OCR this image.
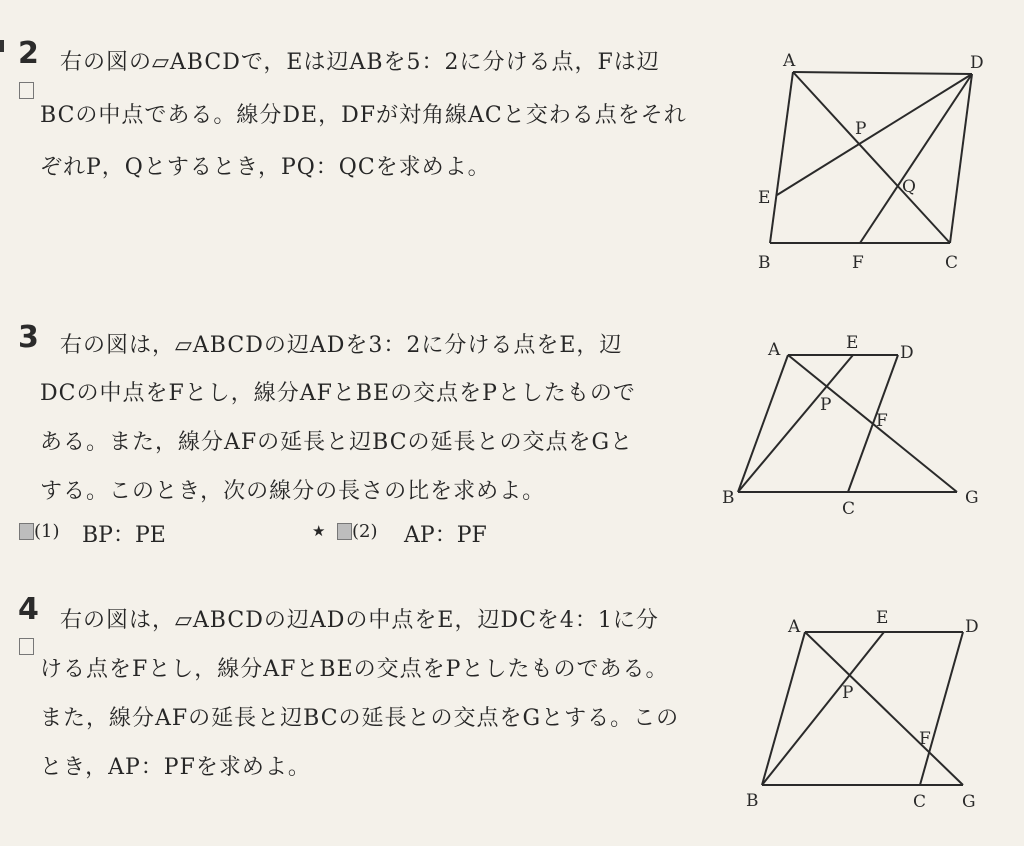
2 右の図の▱ABCDで，Eは辺ABを5：2に分ける点，Fは辺
BCの中点である。線分DE，DFが対角線ACと交わる点をそれ
ぞれP，Qとするとき，PQ：QCを求めよ。
A	D
E
B	F	C
P
Q
3 右の図は，▱ABCDの辺ADを3：2に分ける点をE，辺
DCの中点をFとし，線分AFとBEの交点をPとしたもので
ある。また，線分AFの延長と辺BCの延長との交点をGと
する。このとき，次の線分の長さの比を求めよ。
(1) BP：PE	★ (2) AP：PF
A	E D
P
F
B
C
G
4 右の図は，▱ABCDの辺ADの中点をE，辺DCを4：1に分
ける点をFとし，線分AFとBEの交点をPとしたものである。
また，線分AFの延長と辺BCの延長との交点をGとする。この
とき，AP：PFを求めよ。
A	E	D
P
F
B	C G
